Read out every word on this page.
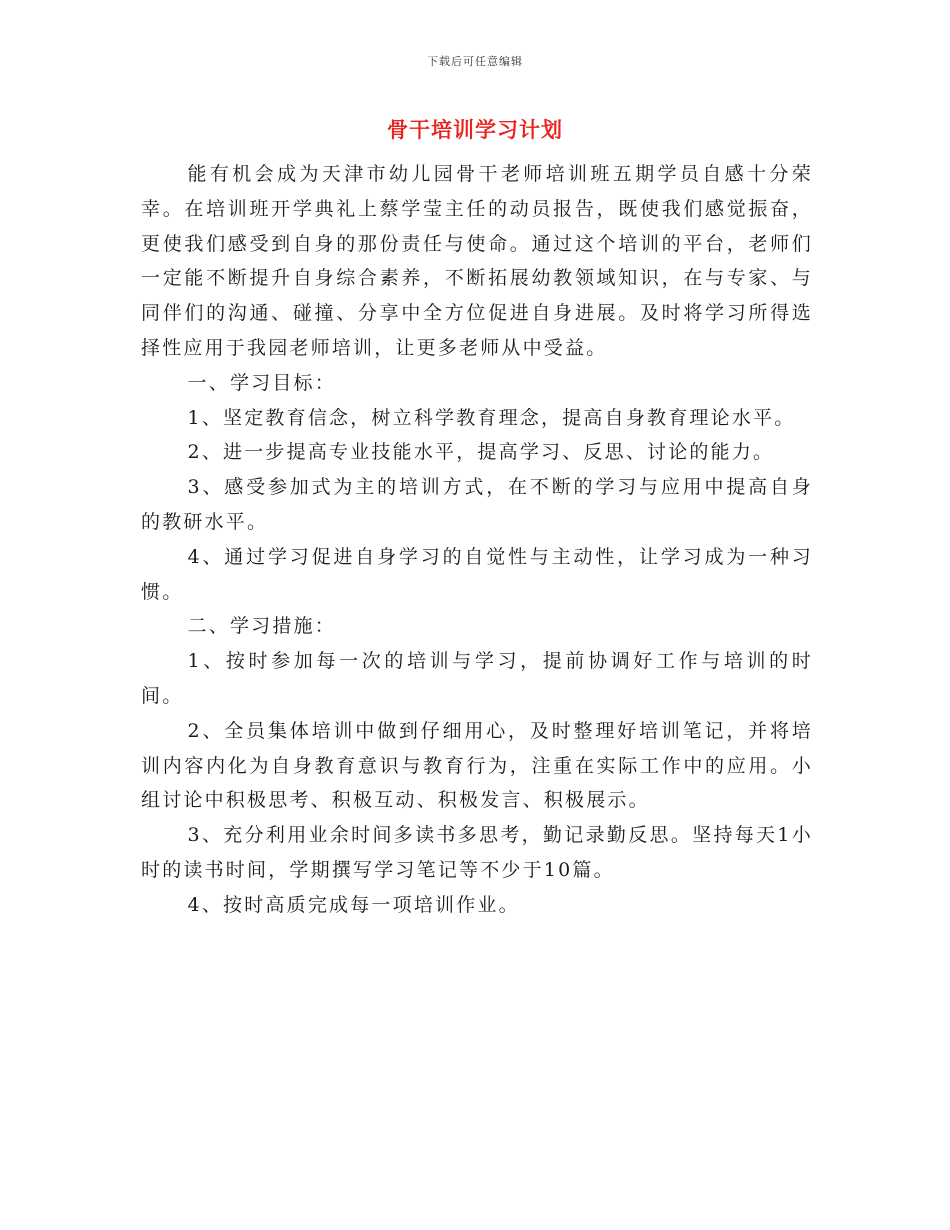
下载后可任意编辑
骨干培训学习计划

能有机会成为天津市幼儿园骨干老师培训班五期学员自感十分荣幸。在培训班开学典礼上蔡学莹主任的动员报告，既使我们感觉振奋，更使我们感受到自身的那份责任与使命。通过这个培训的平台，老师们一定能不断提升自身综合素养，不断拓展幼教领域知识，在与专家、与同伴们的沟通、碰撞、分享中全方位促进自身进展。及时将学习所得选择性应用于我园老师培训，让更多老师从中受益。

一、学习目标：

1、坚定教育信念，树立科学教育理念，提高自身教育理论水平。

2、进一步提高专业技能水平，提高学习、反思、讨论的能力。

3、感受参加式为主的培训方式，在不断的学习与应用中提高自身的教研水平。

4、通过学习促进自身学习的自觉性与主动性，让学习成为一种习惯。

二、学习措施：

1、按时参加每一次的培训与学习，提前协调好工作与培训的时间。

2、全员集体培训中做到仔细用心，及时整理好培训笔记，并将培训内容内化为自身教育意识与教育行为，注重在实际工作中的应用。小组讨论中积极思考、积极互动、积极发言、积极展示。

3、充分利用业余时间多读书多思考，勤记录勤反思。坚持每天1小时的读书时间，学期撰写学习笔记等不少于10篇。

4、按时高质完成每一项培训作业。
